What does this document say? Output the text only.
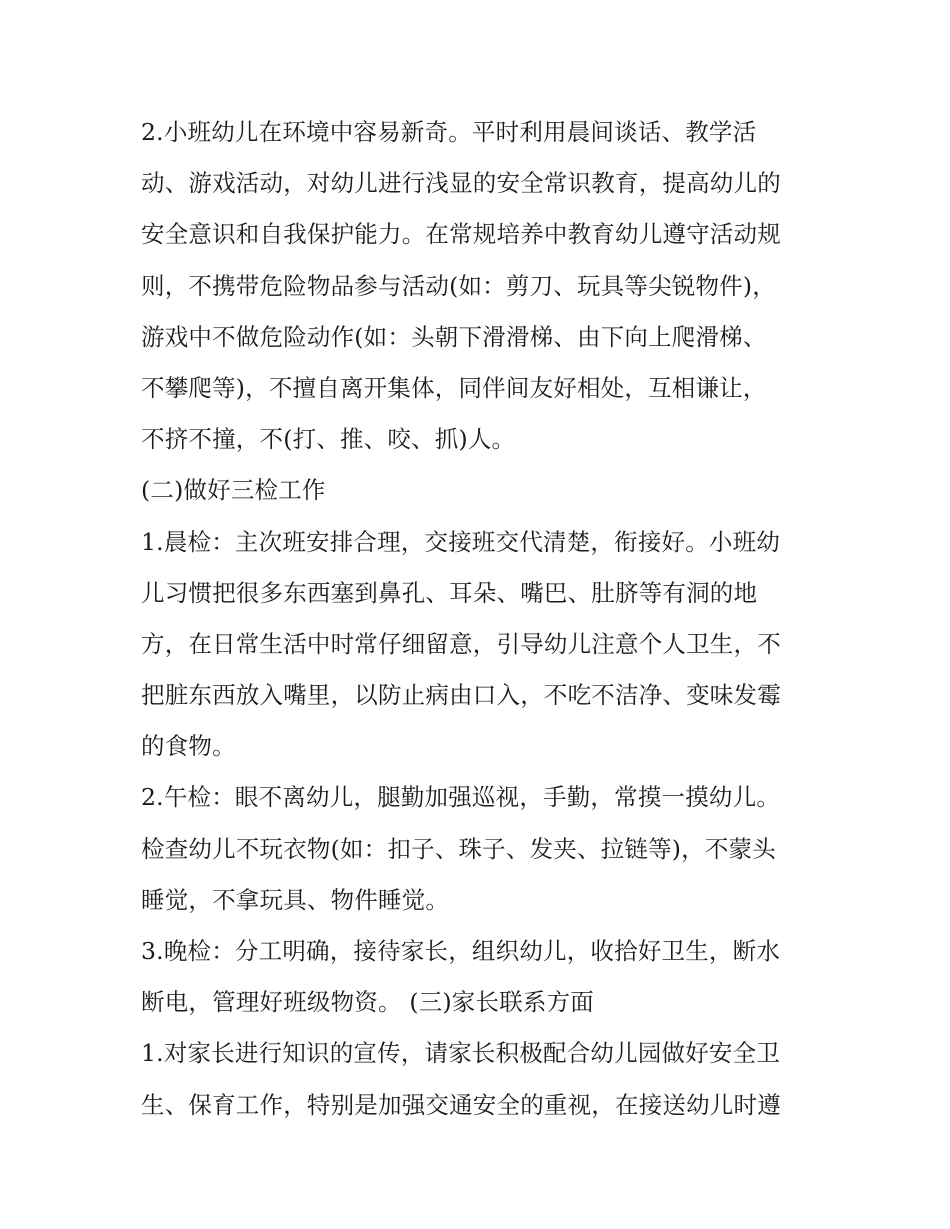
2.小班幼儿在环境中容易新奇。平时利用晨间谈话、教学活
动、游戏活动，对幼儿进行浅显的安全常识教育，提高幼儿的
安全意识和自我保护能力。在常规培养中教育幼儿遵守活动规
则，不携带危险物品参与活动(如：剪刀、玩具等尖锐物件)，
游戏中不做危险动作(如：头朝下滑滑梯、由下向上爬滑梯、
不攀爬等)，不擅自离开集体，同伴间友好相处，互相谦让，
不挤不撞，不(打、推、咬、抓)人。
(二)做好三检工作
1.晨检：主次班安排合理，交接班交代清楚，衔接好。小班幼
儿习惯把很多东西塞到鼻孔、耳朵、嘴巴、肚脐等有洞的地
方，在日常生活中时常仔细留意，引导幼儿注意个人卫生，不
把脏东西放入嘴里，以防止病由口入，不吃不洁净、变味发霉
的食物。
2.午检：眼不离幼儿，腿勤加强巡视，手勤，常摸一摸幼儿。
检查幼儿不玩衣物(如：扣子、珠子、发夹、拉链等)，不蒙头
睡觉，不拿玩具、物件睡觉。
3.晚检：分工明确，接待家长，组织幼儿，收拾好卫生，断水
断电，管理好班级物资。 (三)家长联系方面
1.对家长进行知识的宣传，请家长积极配合幼儿园做好安全卫
生、保育工作，特别是加强交通安全的重视，在接送幼儿时遵
